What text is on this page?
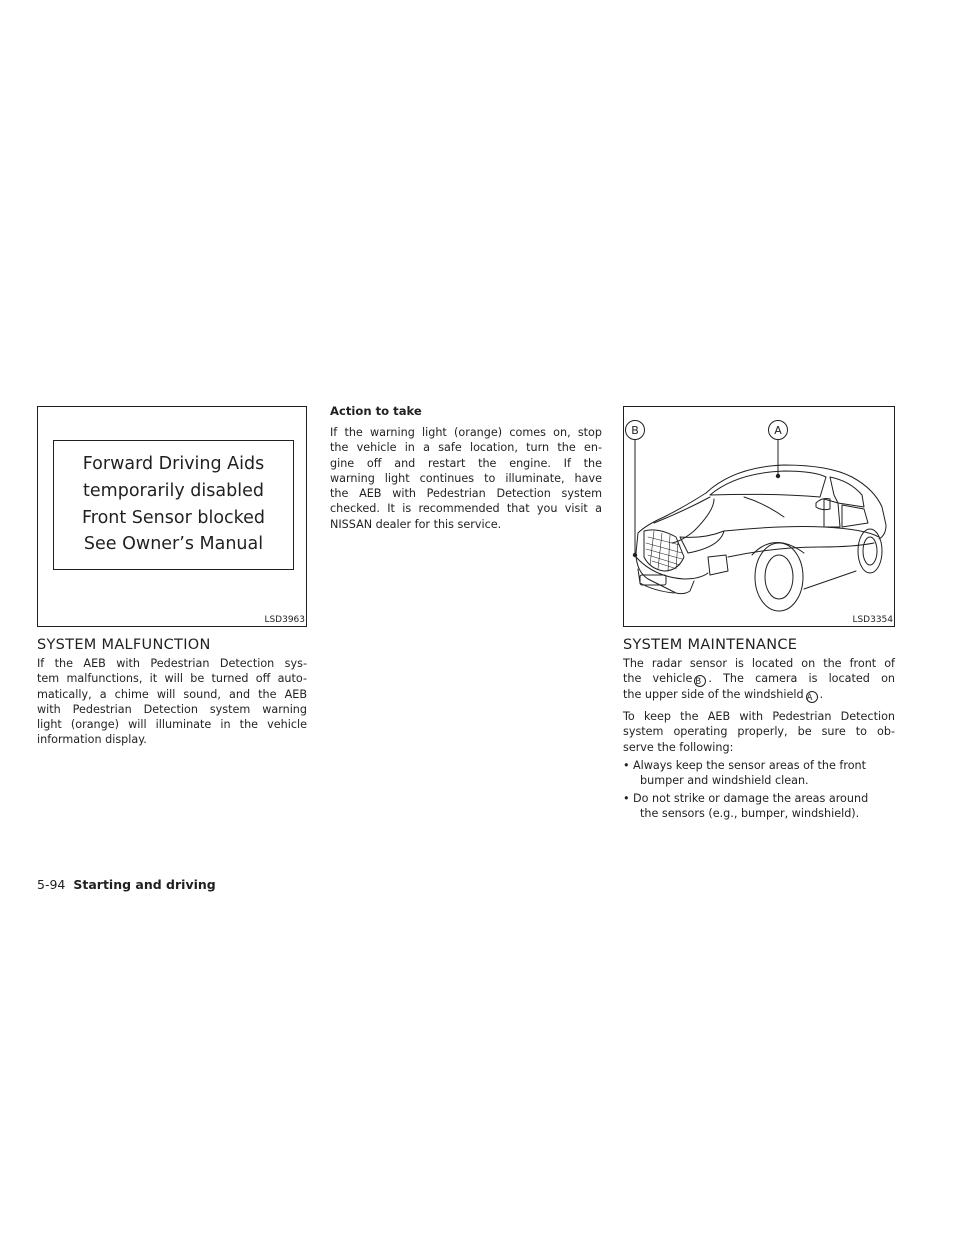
Forward Driving Aids
temporarily disabled
Front Sensor blocked
See Owner’s Manual
LSD3963
SYSTEM MALFUNCTION
If the AEB with Pedestrian Detection sys-
tem malfunctions, it will be turned off auto-
matically, a chime will sound, and the AEB
with Pedestrian Detection system warning
light (orange) will illuminate in the vehicle
information display.
Action to take
If the warning light (orange) comes on, stop
the vehicle in a safe location, turn the en-
gine off and restart the engine. If the
warning light continues to illuminate, have
the AEB with Pedestrian Detection system
checked. It is recommended that you visit a
NISSAN dealer for this service.
B	A
LSD3354
SYSTEM MAINTENANCE
The radar sensor is located on the front of
the vehicle B . The camera is located on
the upper side of the windshield A .
To keep the AEB with Pedestrian Detection
system operating properly, be sure to ob-
serve the following:
• Always keep the sensor areas of the front
bumper and windshield clean.
• Do not strike or damage the areas around
the sensors (e.g., bumper, windshield).
5-94 Starting and driving
